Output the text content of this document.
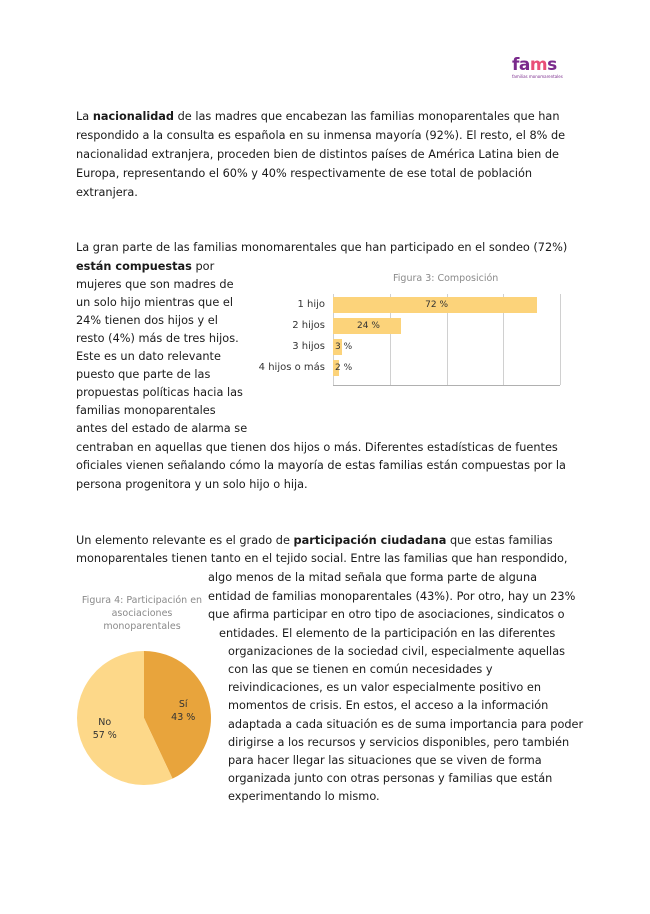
fams
familias monomarentales
La nacionalidad de las madres que encabezan las familias monoparentales que han
respondido a la consulta es española en su inmensa mayoría (92%). El resto, el 8% de
nacionalidad extranjera, proceden bien de distintos países de América Latina bien de
Europa, representando el 60% y 40% respectivamente de ese total de población
extranjera.
La gran parte de las familias monomarentales que han participado en el sondeo (72%)
están compuestas por
mujeres que son madres de
un solo hijo mientras que el
24% tienen dos hijos y el
resto (4%) más de tres hijos.
Este es un dato relevante
puesto que parte de las
propuestas políticas hacia las
familias monoparentales
antes del estado de alarma se
centraban en aquellas que tienen dos hijos o más. Diferentes estadísticas de fuentes
oficiales vienen señalando cómo la mayoría de estas familias están compuestas por la
persona progenitora y un solo hijo o hija.
Figura 3: Composición
1 hijo	72 %
2 hijos	24 %
3 hijos 3 %
4 hijos o más 2 %
Un elemento relevante es el grado de participación ciudadana que estas familias
monoparentales tienen tanto en el tejido social. Entre las familias que han respondido,
algo menos de la mitad señala que forma parte de alguna
entidad de familias monoparentales (43%). Por otro, hay un 23%
que afirma participar en otro tipo de asociaciones, sindicatos o
entidades. El elemento de la participación en las diferentes
organizaciones de la sociedad civil, especialmente aquellas
con las que se tienen en común necesidades y
reivindicaciones, es un valor especialmente positivo en
momentos de crisis. En estos, el acceso a la información
adaptada a cada situación es de suma importancia para poder
dirigirse a los recursos y servicios disponibles, pero también
para hacer llegar las situaciones que se viven de forma
organizada junto con otras personas y familias que están
experimentando lo mismo.
Figura 4: Participación en asociaciones monoparentales
Sí
43 %
No
57 %
